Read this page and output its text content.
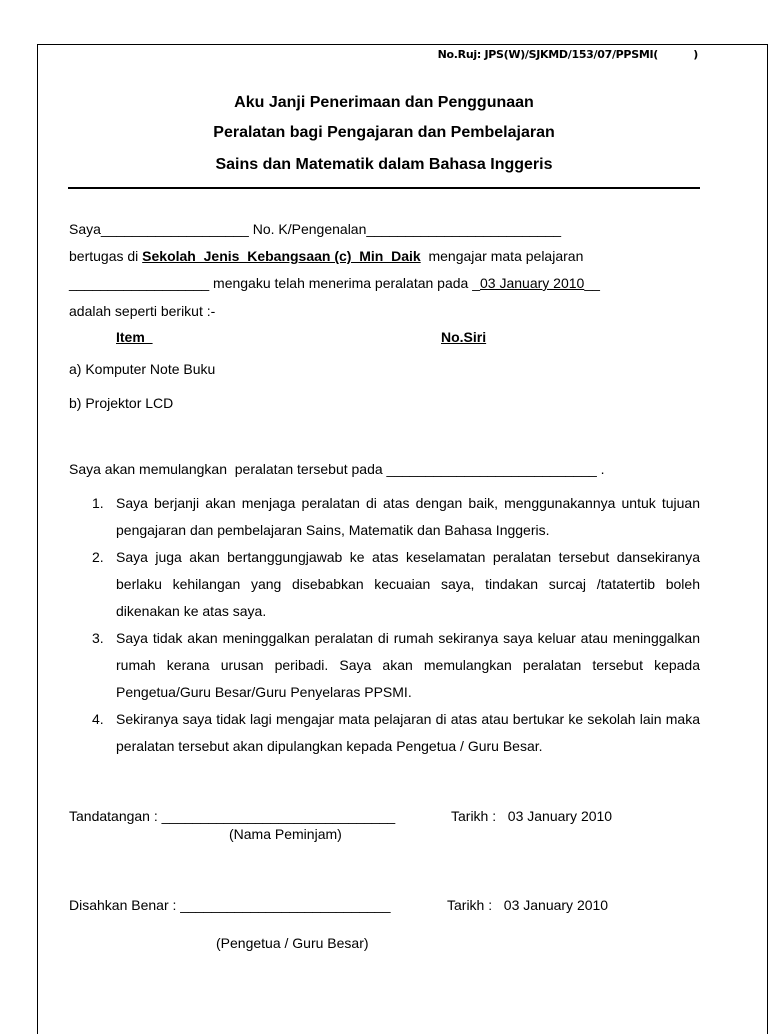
No.Ruj: JPS(W)/SJKMD/153/07/PPSMI(	)
Aku Janji Penerimaan dan Penggunaan
Peralatan bagi Pengajaran dan Pembelajaran
Sains dan Matematik dalam Bahasa Inggeris
Saya___________________ No. K/Pengenalan_________________________
bertugas di Sekolah  Jenis  Kebangsaan (c)  Min  Daik  mengajar mata pelajaran
__________________ mengaku telah menerima peralatan pada _03 January 2010__
adalah seperti berikut :-
Item	No.Siri
a) Komputer Note Buku
b) Projektor LCD
Saya akan memulangkan  peralatan tersebut pada ___________________________ .
1. Saya berjanji akan menjaga peralatan di atas dengan baik, menggunakannya untuk tujuan pengajaran dan pembelajaran Sains, Matematik dan Bahasa Inggeris.
2. Saya juga akan bertanggungjawab ke atas keselamatan peralatan tersebut dansekiranya berlaku kehilangan yang disebabkan kecuaian saya, tindakan surcaj /tatatertib boleh dikenakan ke atas saya.
3. Saya tidak akan meninggalkan peralatan di rumah sekiranya saya keluar atau meninggalkan rumah kerana urusan peribadi. Saya akan memulangkan peralatan tersebut kepada Pengetua/Guru Besar/Guru Penyelaras PPSMI.
4. Sekiranya saya tidak lagi mengajar mata pelajaran di atas atau bertukar ke sekolah lain maka peralatan tersebut akan dipulangkan kepada Pengetua / Guru Besar.
Tandatangan : ______________________________	Tarikh :   03 January 2010
(Nama Peminjam)
Disahkan Benar : ___________________________	Tarikh :   03 January 2010
(Pengetua / Guru Besar)
